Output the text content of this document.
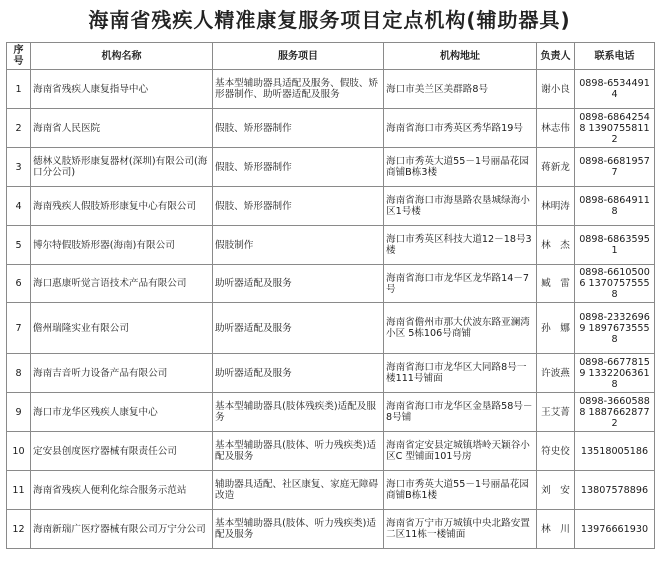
海南省残疾人精准康复服务项目定点机构(辅助器具)
序号	机构名称	服务项目	机构地址	负责人	联系电话
1	海南省残疾人康复指导中心	基本型辅助器具适配及服务、假肢、矫形器制作、助听器适配及服务	海口市美兰区美群路8号	谢小良	0898-65344914
2	海南省人民医院	假肢、矫形器制作	海南省海口市秀英区秀华路19号	林志伟	0898-68642548 13907558112
3	德林义肢矫形康复器材(深圳)有限公司(海口分公司)	假肢、矫形器制作	海口市秀英大道55－1号丽晶花园商铺B栋3楼	蒋新龙	0898-66819577
4	海南残疾人假肢矫形康复中心有限公司	假肢、矫形器制作	海南省海口市海垦路农垦城绿海小区1号楼	林明涛	0898-68649118
5	博尔特假肢矫形器(海南)有限公司	假肢制作	海口市秀英区科技大道12－18号3楼	林　杰	0898-68635951
6	海口惠康听觉言语技术产品有限公司	助听器适配及服务	海南省海口市龙华区龙华路14－7号	臧　雷	0898-66105006 13707575558
7	儋州瑞隆实业有限公司	助听器适配及服务	海南省儋州市那大伏波东路亚澜湾小区 5栋106号商铺	孙　娜	0898-23326969 18976735558
8	海南吉音听力设备产品有限公司	助听器适配及服务	海南省海口市龙华区大同路8号一楼111号铺面	许波燕	0898-66778159 13322063618
9	海口市龙华区残疾人康复中心	基本型辅助器具(肢体残疾类)适配及服务	海南省海口市龙华区金垦路58号－8号铺	王艾菁	0898-36605888 18876628772
10	定安县创度医疗器械有限责任公司	基本型辅助器具(肢体、听力残疾类)适配及服务	海南省定安县定城镇塔岭天颖谷小区C 型铺面101号房	符史佼	13518005186
11	海南省残疾人便利化综合服务示范站	辅助器具适配、社区康复、家庭无障碍改造	海口市秀英大道55－1号丽晶花园商铺B栋1楼	刘　安	13807578896
12	海南新瑞广医疗器械有限公司万宁分公司	基本型辅助器具(肢体、听力残疾类)适配及服务	海南省万宁市万城镇中央北路安置二区11栋一楼铺面	林　川	13976661930
